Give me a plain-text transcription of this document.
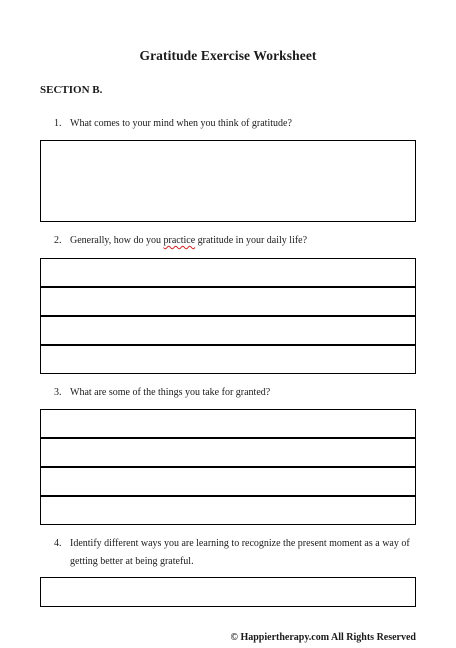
Gratitude Exercise Worksheet
SECTION B.
1. What comes to your mind when you think of gratitude?
2. Generally, how do you practice gratitude in your daily life?
3. What are some of the things you take for granted?
4. Identify different ways you are learning to recognize the present moment as a way of getting better at being grateful.
© Happiertherapy.com All Rights Reserved
